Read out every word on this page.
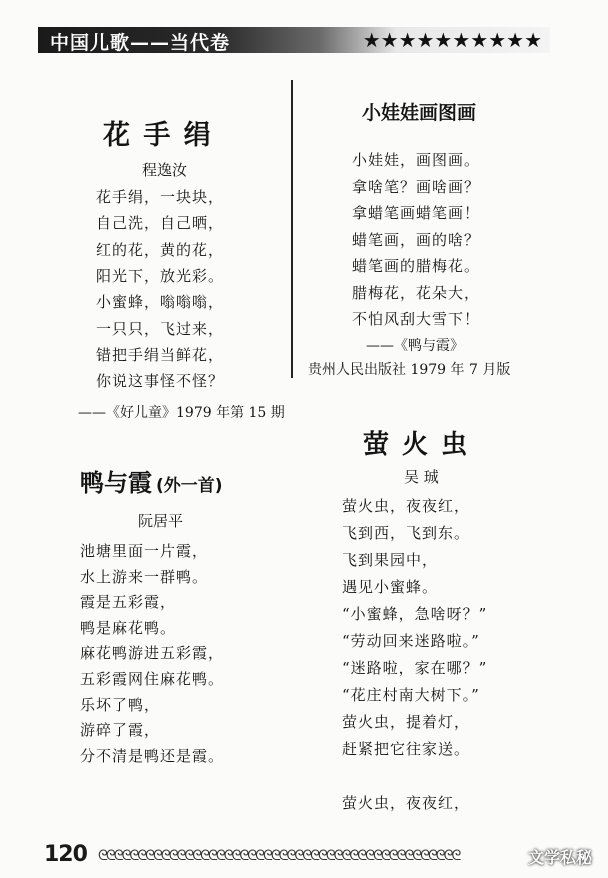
中国儿歌——当代卷	★★★★★★★★★★
花 手 绢
程逸汝
花手绢，一块块，
自己洗，自己晒，
红的花，黄的花，
阳光下，放光彩。
小蜜蜂，嗡嗡嗡，
一只只，飞过来，
错把手绢当鲜花，
你说这事怪不怪？
——《好儿童》1979 年第 15 期
鸭与霞 (外一首)
阮居平
池塘里面一片霞，
水上游来一群鸭。
霞是五彩霞，
鸭是麻花鸭。
麻花鸭游进五彩霞，
五彩霞网住麻花鸭。
乐坏了鸭，
游碎了霞，
分不清是鸭还是霞。
小娃娃画图画
小娃娃，画图画。
拿啥笔？画啥画？
拿蜡笔画蜡笔画！
蜡笔画，画的啥？
蜡笔画的腊梅花。
腊梅花，花朵大，
不怕风刮大雪下！
——《鸭与霞》
贵州人民出版社 1979 年 7 月版
萤 火 虫
吴 珹
萤火虫，夜夜红，
飞到西，飞到东。
飞到果园中，
遇见小蜜蜂。
“小蜜蜂，急啥呀？”
“劳动回来迷路啦。”
“迷路啦，家在哪？”
“花庄村南大树下。”
萤火虫，提着灯，
赶紧把它往家送。
萤火虫，夜夜红，
120 ᘓᘓᘓᘓᘓᘓᘓᘓᘓᘓᘓᘓᘓᘓᘓᘓᘓᘓᘓᘓᘓᘓᘓᘓᘓᘓᘓᘓᘓᘓᘓᘓᘓᘓᘓᘓᘓᘓᘓᘓᘓᘓᘓᘓᘓᘓ	文学私秘
